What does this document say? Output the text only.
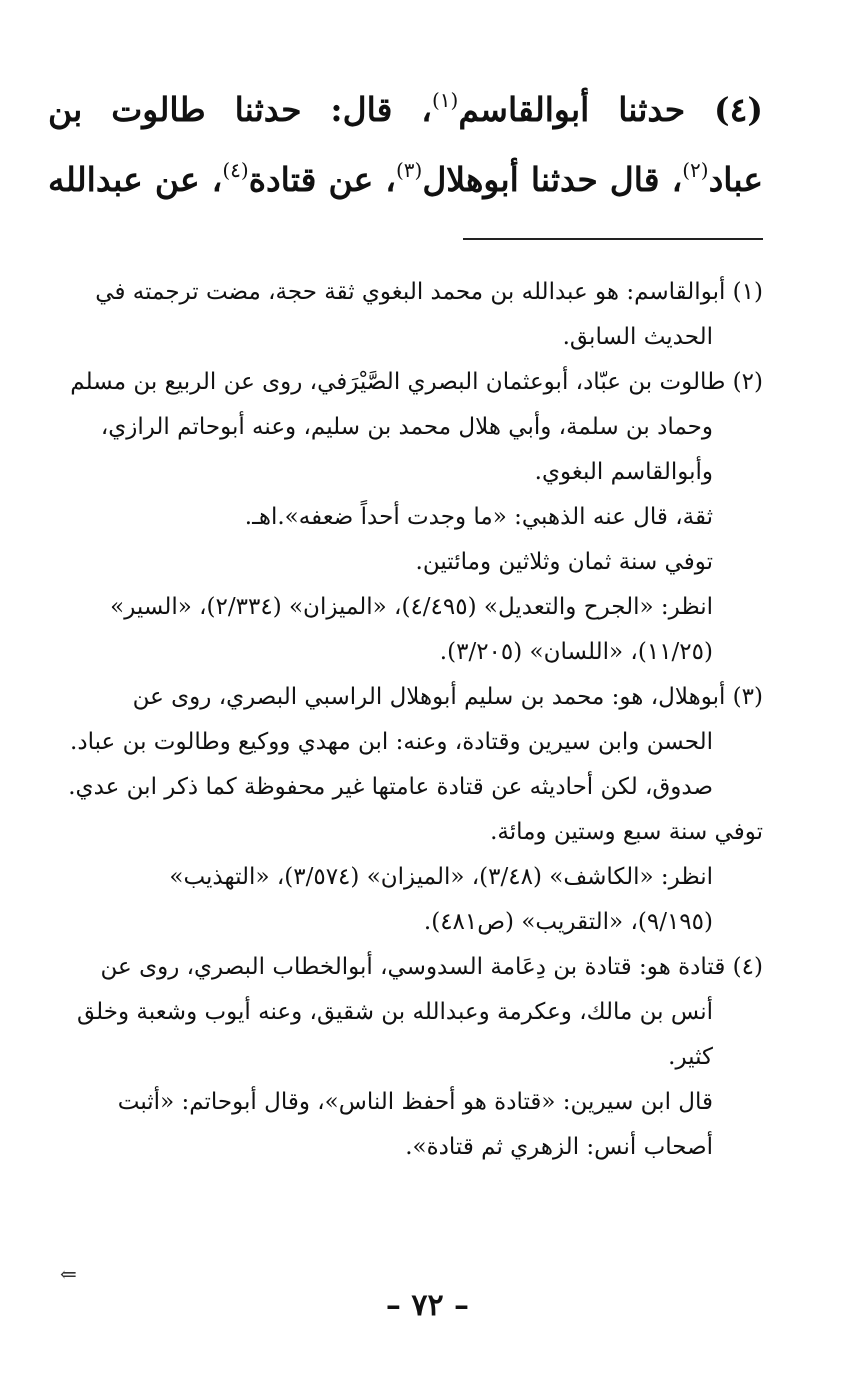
(٤) حدثنا أبوالقاسم$^{(١)}$، قال: حدثنا طالوت بن
عباد$^{(٢)}$، قال حدثنا أبوهلال$^{(٣)}$، عن قتادة$^{(٤)}$، عن عبدالله
(١) أبوالقاسم: هو عبدالله بن محمد البغوي ثقة حجة، مضت ترجمته في
الحديث السابق.
(٢) طالوت بن عبّاد، أبوعثمان البصري الصَّيْرَفي، روى عن الربيع بن مسلم
وحماد بن سلمة، وأبي هلال محمد بن سليم، وعنه أبوحاتم الرازي،
وأبوالقاسم البغوي.
ثقة، قال عنه الذهبي: «ما وجدت أحداً ضعفه».اهـ.
توفي سنة ثمان وثلاثين ومائتين.
انظر: «الجرح والتعديل» (٤/٤٩٥)، «الميزان» (٢/٣٣٤)، «السير»
(١١/٢٥)، «اللسان» (٣/٢٠٥).
(٣) أبوهلال، هو: محمد بن سليم أبوهلال الراسبي البصري، روى عن
الحسن وابن سيرين وقتادة، وعنه: ابن مهدي ووكيع وطالوت بن عباد.
صدوق، لكن أحاديثه عن قتادة عامتها غير محفوظة كما ذكر ابن عدي.
توفي سنة سبع وستين ومائة.
انظر: «الكاشف» (٣/٤٨)، «الميزان» (٣/٥٧٤)، «التهذيب»
(٩/١٩٥)، «التقريب» (ص٤٨١).
(٤) قتادة هو: قتادة بن دِعَامة السدوسي، أبوالخطاب البصري، روى عن
أنس بن مالك، وعكرمة وعبدالله بن شقيق، وعنه أيوب وشعبة وخلق
كثير.
قال ابن سيرين: «قتادة هو أحفظ الناس»، وقال أبوحاتم: «أثبت
أصحاب أنس: الزهري ثم قتادة».
⇐
– ٧٢ –
